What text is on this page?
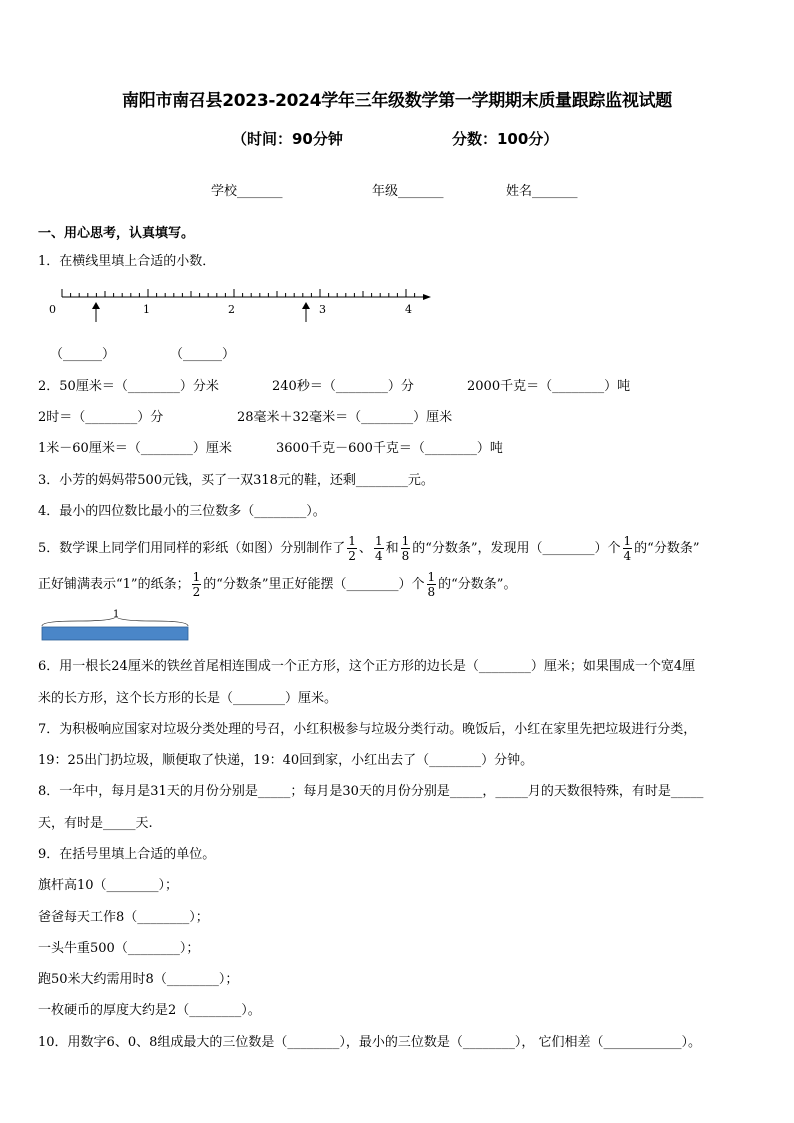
南阳市南召县2023-2024学年三年级数学第一学期期末质量跟踪监视试题
（时间：90分钟	分数：100分）
学校_______	年级_______	姓名_______
一、用心思考，认真填写。
1．在横线里填上合适的小数．
0	1	2	3	4
（______）	（______）
2．50厘米＝（________）分米	240秒＝（________）分	2000千克＝（________）吨
2时＝（________）分	28毫米＋32毫米＝（________）厘米
1米－60厘米＝（________）厘米	3600千克－600千克＝（________）吨
3．小芳的妈妈带500元钱，买了一双318元的鞋，还剩________元。
4．最小的四位数比最小的三位数多（________）。
5．数学课上同学们用同样的彩纸（如图）分别制作了 $\frac{1}{2}$ 、 $\frac{1}{4}$ 和 $\frac{1}{8}$ 的“分数条”，发现用（________）个 $\frac{1}{4}$ 的“分数条”
正好铺满表示“1”的纸条； $\frac{1}{2}$ 的“分数条”里正好能摆（________）个 $\frac{1}{8}$ 的“分数条”。
1
6．用一根长24厘米的铁丝首尾相连围成一个正方形，这个正方形的边长是（________）厘米；如果围成一个宽4厘
米的长方形，这个长方形的长是（________）厘米。
7．为积极响应国家对垃圾分类处理的号召，小红积极参与垃圾分类行动。晚饭后，小红在家里先把垃圾进行分类，
19：25出门扔垃圾，顺便取了快递，19：40回到家，小红出去了（________）分钟。
8．一年中，每月是31天的月份分别是_____；每月是30天的月份分别是_____，_____月的天数很特殊，有时是_____
天，有时是_____天.
9．在括号里填上合适的单位。
旗杆高10（________）；
爸爸每天工作8（________）；
一头牛重500（________）；
跑50米大约需用时8（________）；
一枚硬币的厚度大约是2（________）。
10．用数字6、0、8组成最大的三位数是（________），最小的三位数是（________）， 它们相差（____________）。
